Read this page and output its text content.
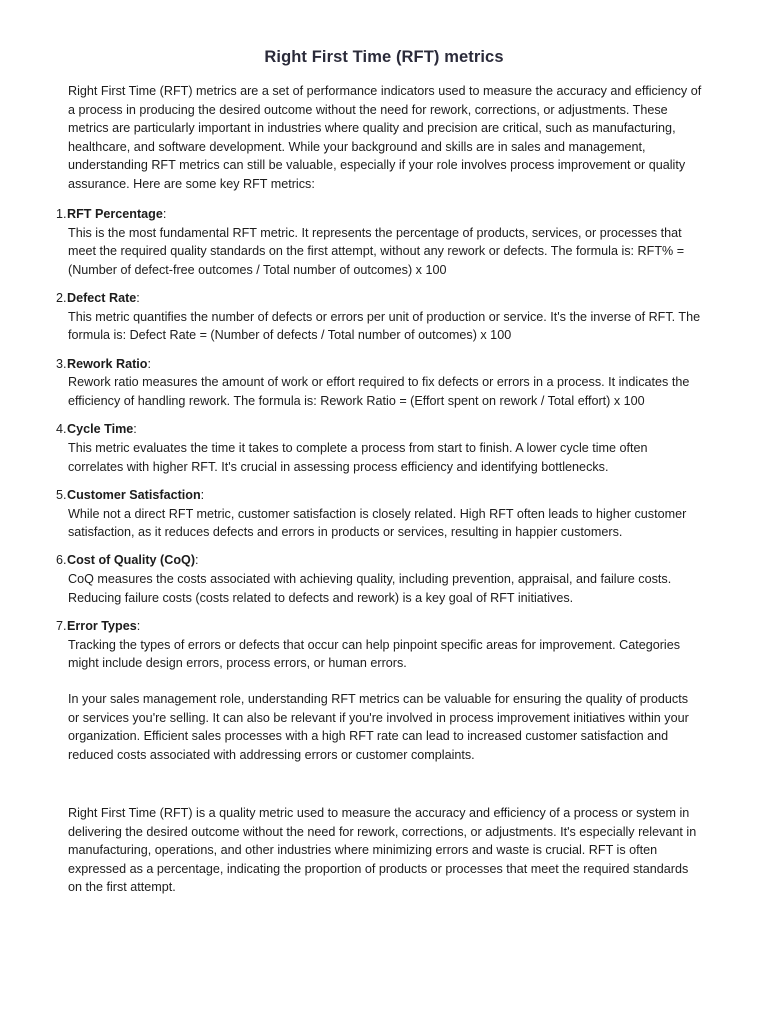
Right First Time (RFT) metrics

Right First Time (RFT) metrics are a set of performance indicators used to measure the accuracy and efficiency of a process in producing the desired outcome without the need for rework, corrections, or adjustments. These metrics are particularly important in industries where quality and precision are critical, such as manufacturing, healthcare, and software development. While your background and skills are in sales and management, understanding RFT metrics can still be valuable, especially if your role involves process improvement or quality assurance. Here are some key RFT metrics:

1.RFT Percentage:
This is the most fundamental RFT metric. It represents the percentage of products, services, or processes that meet the required quality standards on the first attempt, without any rework or defects. The formula is: RFT% = (Number of defect-free outcomes / Total number of outcomes) x 100
2.Defect Rate:
This metric quantifies the number of defects or errors per unit of production or service. It's the inverse of RFT. The formula is: Defect Rate = (Number of defects / Total number of outcomes) x 100
3.Rework Ratio:
Rework ratio measures the amount of work or effort required to fix defects or errors in a process. It indicates the efficiency of handling rework. The formula is: Rework Ratio = (Effort spent on rework / Total effort) x 100
4.Cycle Time:
This metric evaluates the time it takes to complete a process from start to finish. A lower cycle time often correlates with higher RFT. It's crucial in assessing process efficiency and identifying bottlenecks.
5.Customer Satisfaction:
While not a direct RFT metric, customer satisfaction is closely related. High RFT often leads to higher customer satisfaction, as it reduces defects and errors in products or services, resulting in happier customers.
6.Cost of Quality (CoQ):
CoQ measures the costs associated with achieving quality, including prevention, appraisal, and failure costs. Reducing failure costs (costs related to defects and rework) is a key goal of RFT initiatives.
7.Error Types:
Tracking the types of errors or defects that occur can help pinpoint specific areas for improvement. Categories might include design errors, process errors, or human errors.

In your sales management role, understanding RFT metrics can be valuable for ensuring the quality of products or services you're selling. It can also be relevant if you're involved in process improvement initiatives within your organization. Efficient sales processes with a high RFT rate can lead to increased customer satisfaction and reduced costs associated with addressing errors or customer complaints.

Right First Time (RFT) is a quality metric used to measure the accuracy and efficiency of a process or system in delivering the desired outcome without the need for rework, corrections, or adjustments. It's especially relevant in manufacturing, operations, and other industries where minimizing errors and waste is crucial. RFT is often expressed as a percentage, indicating the proportion of products or processes that meet the required standards on the first attempt.
